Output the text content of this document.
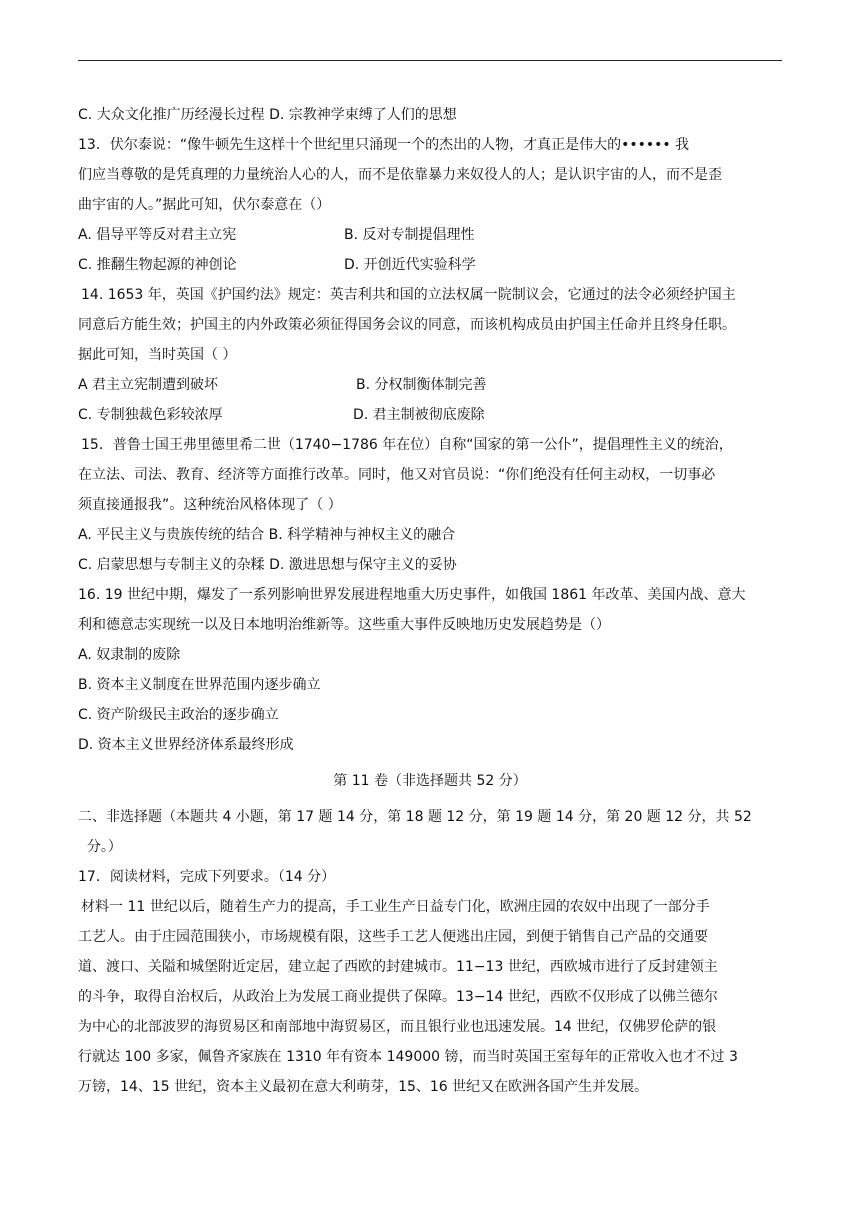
C. 大众文化推广历经漫长过程 D. 宗教神学束缚了人们的思想
13．伏尔泰说：“像牛顿先生这样十个世纪里只涌现一个的杰出的人物，才真正是伟大的•••••• 我
们应当尊敬的是凭真理的力量统治人心的人，而不是依靠暴力来奴役人的人；是认识宇宙的人，而不是歪
曲宇宙的人。”据此可知，伏尔泰意在（）
A. 倡导平等反对君主立宪	B. 反对专制提倡理性
C. 推翻生物起源的神创论	D. 开创近代实验科学
14. 1653 年，英国《护国约法》规定：英吉利共和国的立法权属一院制议会，它通过的法令必须经护国主
同意后方能生效；护国主的内外政策必须征得国务会议的同意，而该机构成员由护国主任命并且终身任职。
据此可知，当时英国（ ）
A 君主立宪制遭到破坏	B. 分权制衡体制完善
C. 专制独裁色彩较浓厚	D. 君主制被彻底废除
15．普鲁士国王弗里德里希二世（1740−1786 年在位）自称“国家的第一公仆”，提倡理性主义的统治，
在立法、司法、教育、经济等方面推行改革。同时，他又对官员说：“你们绝没有任何主动权，一切事必
须直接通报我”。这种统治风格体现了（ ）
A. 平民主义与贵族传统的结合 B. 科学精神与神权主义的融合
C. 启蒙思想与专制主义的杂糅 D. 激进思想与保守主义的妥协
16. 19 世纪中期，爆发了一系列影响世界发展进程地重大历史事件，如俄国 1861 年改革、美国内战、意大
利和德意志实现统一以及日本地明治维新等。这些重大事件反映地历史发展趋势是（）
A. 奴隶制的废除
B. 资本主义制度在世界范围内逐步确立
C. 资产阶级民主政治的逐步确立
D. 资本主义世界经济体系最终形成
第 11 卷（非选择题共 52 分）
二、非选择题（本题共 4 小题，第 17 题 14 分，第 18 题 12 分，第 19 题 14 分，第 20 题 12 分，共 52
分。）
17．阅读材料，完成下列要求。（14 分）
材料一 11 世纪以后，随着生产力的提高，手工业生产日益专门化，欧洲庄园的农奴中出现了一部分手
工艺人。由于庄园范围狭小，市场规模有限，这些手工艺人便逃出庄园，到便于销售自己产品的交通要
道、渡口、关隘和城堡附近定居，建立起了西欧的封建城市。11−13 世纪，西欧城市进行了反封建领主
的斗争，取得自治权后，从政治上为发展工商业提供了保障。13−14 世纪，西欧不仅形成了以佛兰德尔
为中心的北部波罗的海贸易区和南部地中海贸易区，而且银行业也迅速发展。14 世纪，仅佛罗伦萨的银
行就达 100 多家，佩鲁齐家族在 1310 年有资本 149000 镑，而当时英国王室每年的正常收入也才不过 3
万镑，14、15 世纪，资本主义最初在意大利萌芽，15、16 世纪又在欧洲各国产生并发展。
